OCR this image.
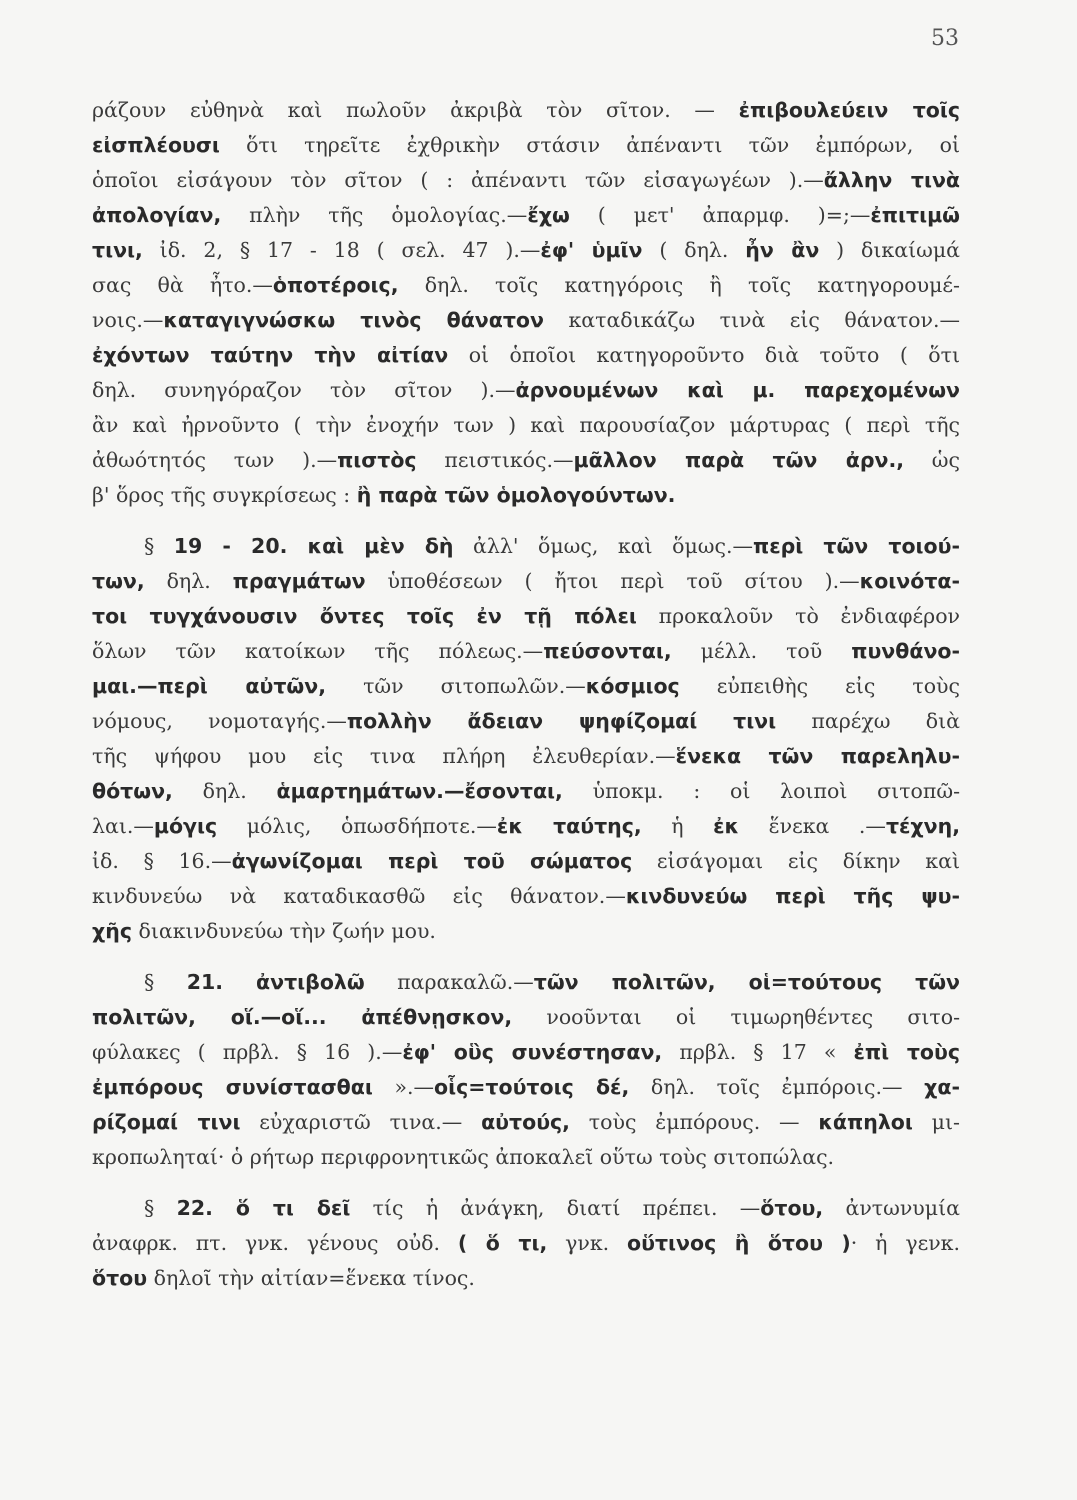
53
ράζουν εὐθηνὰ καὶ πωλοῦν ἀκριβὰ τὸν σῖτον. — ἐπιβουλεύειν τοῖς
εἰσπλέουσι ὅτι τηρεῖτε ἐχθρικὴν στάσιν ἀπέναντι τῶν ἐμπόρων, οἱ
ὁποῖοι εἰσάγουν τὸν σῖτον ( : ἀπέναντι τῶν εἰσαγωγέων ).—ἄλλην τινὰ
ἀπολογίαν, πλὴν τῆς ὁμολογίας.—ἔχω ( μετ' ἀπαρμφ. )=;—ἐπιτιμῶ
τινι, ἰδ. 2, § 17 - 18 ( σελ. 47 ).—ἐφ' ὑμῖν ( δηλ. ἦν ἂν ) δικαίωμά
σας θὰ ἦτο.—ὁποτέροις, δηλ. τοῖς κατηγόροις ἢ τοῖς κατηγορουμέ-
νοις.—καταγιγνώσκω τινὸς θάνατον καταδικάζω τινὰ εἰς θάνατον.—
ἐχόντων ταύτην τὴν αἰτίαν οἱ ὁποῖοι κατηγοροῦντο διὰ τοῦτο ( ὅτι
δηλ. συνηγόραζον τὸν σῖτον ).—ἀρνουμένων καὶ μ. παρεχομένων
ἂν καὶ ἠρνοῦντο ( τὴν ἐνοχήν των ) καὶ παρουσίαζον μάρτυρας ( περὶ τῆς
ἀθωότητός των ).—πιστὸς πειστικός.—μᾶλλον παρὰ τῶν ἀρν., ὡς
β' ὅρος τῆς συγκρίσεως : ἢ παρὰ τῶν ὁμολογούντων.
§ 19 - 20. καὶ μὲν δὴ ἀλλ' ὅμως, καὶ ὅμως.—περὶ τῶν τοιού-
των, δηλ. πραγμάτων ὑποθέσεων ( ἤτοι περὶ τοῦ σίτου ).—κοινότα-
τοι τυγχάνουσιν ὄντες τοῖς ἐν τῇ πόλει προκαλοῦν τὸ ἐνδιαφέρον
ὅλων τῶν κατοίκων τῆς πόλεως.—πεύσονται, μέλλ. τοῦ πυνθάνο-
μαι.—περὶ αὐτῶν, τῶν σιτοπωλῶν.—κόσμιος εὐπειθὴς εἰς τοὺς
νόμους, νομοταγής.—πολλὴν ἄδειαν ψηφίζομαί τινι παρέχω διὰ
τῆς ψήφου μου εἰς τινα πλήρη ἐλευθερίαν.—ἕνεκα τῶν παρεληλυ-
θότων, δηλ. ἁμαρτημάτων.—ἔσονται, ὑποκμ. : οἱ λοιποὶ σιτοπῶ-
λαι.—μόγις μόλις, ὁπωσδήποτε.—ἐκ ταύτης, ἡ ἐκ ἕνεκα .—τέχνη,
ἰδ. § 16.—ἀγωνίζομαι περὶ τοῦ σώματος εἰσάγομαι εἰς δίκην καὶ
κινδυνεύω νὰ καταδικασθῶ εἰς θάνατον.—κινδυνεύω περὶ τῆς ψυ-
χῆς διακινδυνεύω τὴν ζωήν μου.
§ 21. ἀντιβολῶ παρακαλῶ.—τῶν πολιτῶν, οἱ=τούτους τῶν
πολιτῶν, οἵ.—οἵ... ἀπέθνῃσκον, νοοῦνται οἱ τιμωρηθέντες σιτο-
φύλακες ( πρβλ. § 16 ).—ἐφ' οὓς συνέστησαν, πρβλ. § 17 « ἐπὶ τοὺς
ἐμπόρους συνίστασθαι ».—οἷς=τούτοις δέ, δηλ. τοῖς ἐμπόροις.— χα-
ρίζομαί τινι εὐχαριστῶ τινα.— αὐτούς, τοὺς ἐμπόρους. — κάπηλοι μι-
κροπωληταί· ὁ ρήτωρ περιφρονητικῶς ἀποκαλεῖ οὕτω τοὺς σιτοπώλας.
§ 22. ὅ τι δεῖ τίς ἡ ἀνάγκη, διατί πρέπει. —ὅτου, ἀντωνυμία
ἀναφρκ. πτ. γνκ. γένους οὐδ. ( ὅ τι, γνκ. οὕτινος ἢ ὅτου )· ἡ γενκ.
ὅτου δηλοῖ τὴν αἰτίαν=ἕνεκα τίνος.
